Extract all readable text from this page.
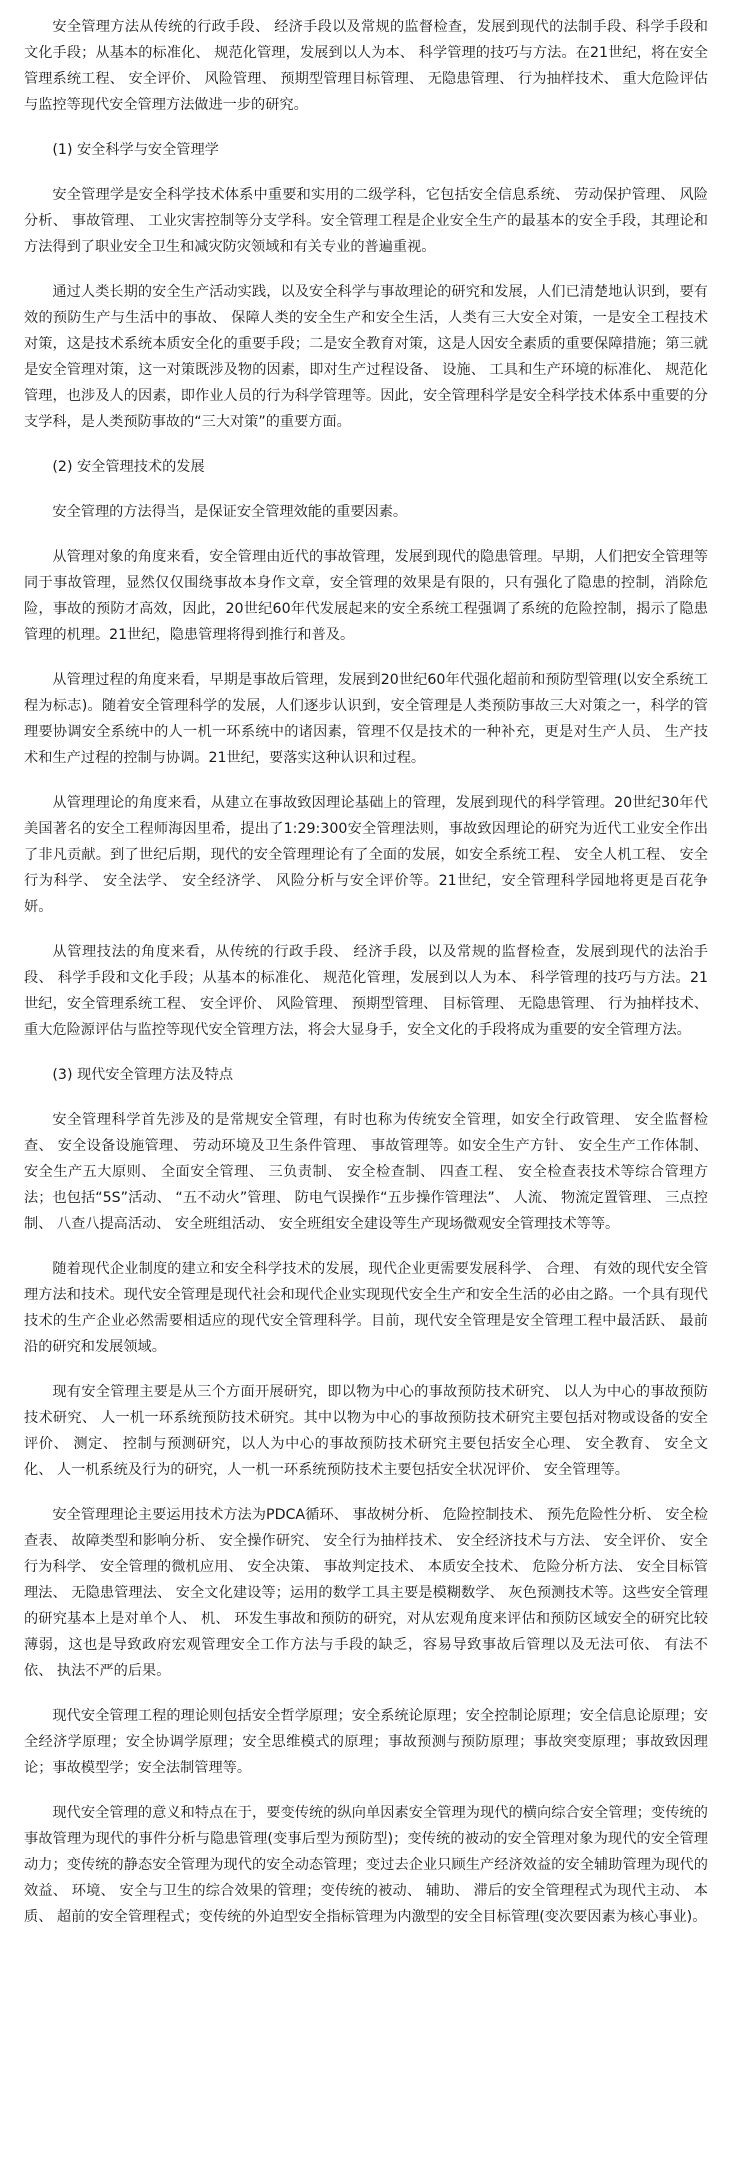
安全管理方法从传统的行政手段、 经济手段以及常规的监督检查，发展到现代的法制手段、科学手段和文化手段；从基本的标准化、 规范化管理，发展到以人为本、 科学管理的技巧与方法。在21世纪，将在安全管理系统工程、 安全评价、 风险管理、 预期型管理目标管理、 无隐患管理、 行为抽样技术、 重大危险评估与监控等现代安全管理方法做进一步的研究。

(1) 安全科学与安全管理学

安全管理学是安全科学技术体系中重要和实用的二级学科，它包括安全信息系统、 劳动保护管理、 风险分析、 事故管理、 工业灾害控制等分支学科。安全管理工程是企业安全生产的最基本的安全手段，其理论和方法得到了职业安全卫生和减灾防灾领域和有关专业的普遍重视。

通过人类长期的安全生产活动实践，以及安全科学与事故理论的研究和发展，人们已清楚地认识到，要有效的预防生产与生活中的事故、 保障人类的安全生产和安全生活，人类有三大安全对策，一是安全工程技术对策，这是技术系统本质安全化的重要手段；二是安全教育对策，这是人因安全素质的重要保障措施；第三就是安全管理对策，这一对策既涉及物的因素，即对生产过程设备、 设施、 工具和生产环境的标准化、 规范化管理，也涉及人的因素，即作业人员的行为科学管理等。因此，安全管理科学是安全科学技术体系中重要的分支学科，是人类预防事故的“三大对策”的重要方面。

(2) 安全管理技术的发展

安全管理的方法得当，是保证安全管理效能的重要因素。

从管理对象的角度来看，安全管理由近代的事故管理，发展到现代的隐患管理。早期，人们把安全管理等同于事故管理，显然仅仅围绕事故本身作文章，安全管理的效果是有限的，只有强化了隐患的控制，消除危险，事故的预防才高效，因此，20世纪60年代发展起来的安全系统工程强调了系统的危险控制，揭示了隐患管理的机理。21世纪，隐患管理将得到推行和普及。

从管理过程的角度来看，早期是事故后管理，发展到20世纪60年代强化超前和预防型管理(以安全系统工程为标志)。随着安全管理科学的发展，人们逐步认识到，安全管理是人类预防事故三大对策之一，科学的管理要协调安全系统中的人一机一环系统中的诸因素，管理不仅是技术的一种补充，更是对生产人员、 生产技术和生产过程的控制与协调。21世纪，要落实这种认识和过程。

从管理理论的角度来看，从建立在事故致因理论基础上的管理，发展到现代的科学管理。20世纪30年代美国著名的安全工程师海因里希，提出了1:29:300安全管理法则，事故致因理论的研究为近代工业安全作出了非凡贡献。到了世纪后期，现代的安全管理理论有了全面的发展，如安全系统工程、 安全人机工程、 安全行为科学、 安全法学、 安全经济学、 风险分析与安全评价等。21世纪，安全管理科学园地将更是百花争妍。

从管理技法的角度来看，从传统的行政手段、 经济手段，以及常规的监督检查，发展到现代的法治手段、 科学手段和文化手段；从基本的标准化、 规范化管理，发展到以人为本、 科学管理的技巧与方法。21世纪，安全管理系统工程、 安全评价、 风险管理、 预期型管理、 目标管理、 无隐患管理、 行为抽样技术、 重大危险源评估与监控等现代安全管理方法，将会大显身手，安全文化的手段将成为重要的安全管理方法。

(3) 现代安全管理方法及特点

安全管理科学首先涉及的是常规安全管理，有时也称为传统安全管理，如安全行政管理、 安全监督检查、 安全设备设施管理、 劳动环境及卫生条件管理、 事故管理等。如安全生产方针、 安全生产工作体制、 安全生产五大原则、 全面安全管理、 三负责制、 安全检查制、 四查工程、 安全检查表技术等综合管理方法；也包括“5S”活动、 “五不动火”管理、 防电气误操作“五步操作管理法”、 人流、 物流定置管理、 三点控制、 八查八提高活动、 安全班组活动、 安全班组安全建设等生产现场微观安全管理技术等等。

随着现代企业制度的建立和安全科学技术的发展，现代企业更需要发展科学、 合理、 有效的现代安全管理方法和技术。现代安全管理是现代社会和现代企业实现现代安全生产和安全生活的必由之路。一个具有现代技术的生产企业必然需要相适应的现代安全管理科学。目前，现代安全管理是安全管理工程中最活跃、 最前沿的研究和发展领域。

现有安全管理主要是从三个方面开展研究，即以物为中心的事故预防技术研究、 以人为中心的事故预防技术研究、 人一机一环系统预防技术研究。其中以物为中心的事故预防技术研究主要包括对物或设备的安全评价、 测定、 控制与预测研究，以人为中心的事故预防技术研究主要包括安全心理、 安全教育、 安全文化、 人一机系统及行为的研究，人一机一环系统预防技术主要包括安全状况评价、 安全管理等。

安全管理理论主要运用技术方法为PDCA循环、 事故树分析、 危险控制技术、 预先危险性分析、 安全检查表、 故障类型和影响分析、 安全操作研究、 安全行为抽样技术、 安全经济技术与方法、 安全评价、 安全行为科学、 安全管理的微机应用、 安全决策、 事故判定技术、 本质安全技术、 危险分析方法、 安全目标管理法、 无隐患管理法、 安全文化建设等；运用的数学工具主要是模糊数学、 灰色预测技术等。这些安全管理的研究基本上是对单个人、 机、 环发生事故和预防的研究，对从宏观角度来评估和预防区域安全的研究比较薄弱，这也是导致政府宏观管理安全工作方法与手段的缺乏，容易导致事故后管理以及无法可依、 有法不依、 执法不严的后果。

现代安全管理工程的理论则包括安全哲学原理；安全系统论原理；安全控制论原理；安全信息论原理；安全经济学原理；安全协调学原理；安全思维模式的原理；事故预测与预防原理；事故突变原理；事故致因理论；事故模型学；安全法制管理等。

现代安全管理的意义和特点在于，要变传统的纵向单因素安全管理为现代的横向综合安全管理；变传统的事故管理为现代的事件分析与隐患管理(变事后型为预防型)；变传统的被动的安全管理对象为现代的安全管理动力；变传统的静态安全管理为现代的安全动态管理；变过去企业只顾生产经济效益的安全辅助管理为现代的效益、 环境、 安全与卫生的综合效果的管理；变传统的被动、 辅助、 滞后的安全管理程式为现代主动、 本质、 超前的安全管理程式；变传统的外迫型安全指标管理为内激型的安全目标管理(变次要因素为核心事业)。
